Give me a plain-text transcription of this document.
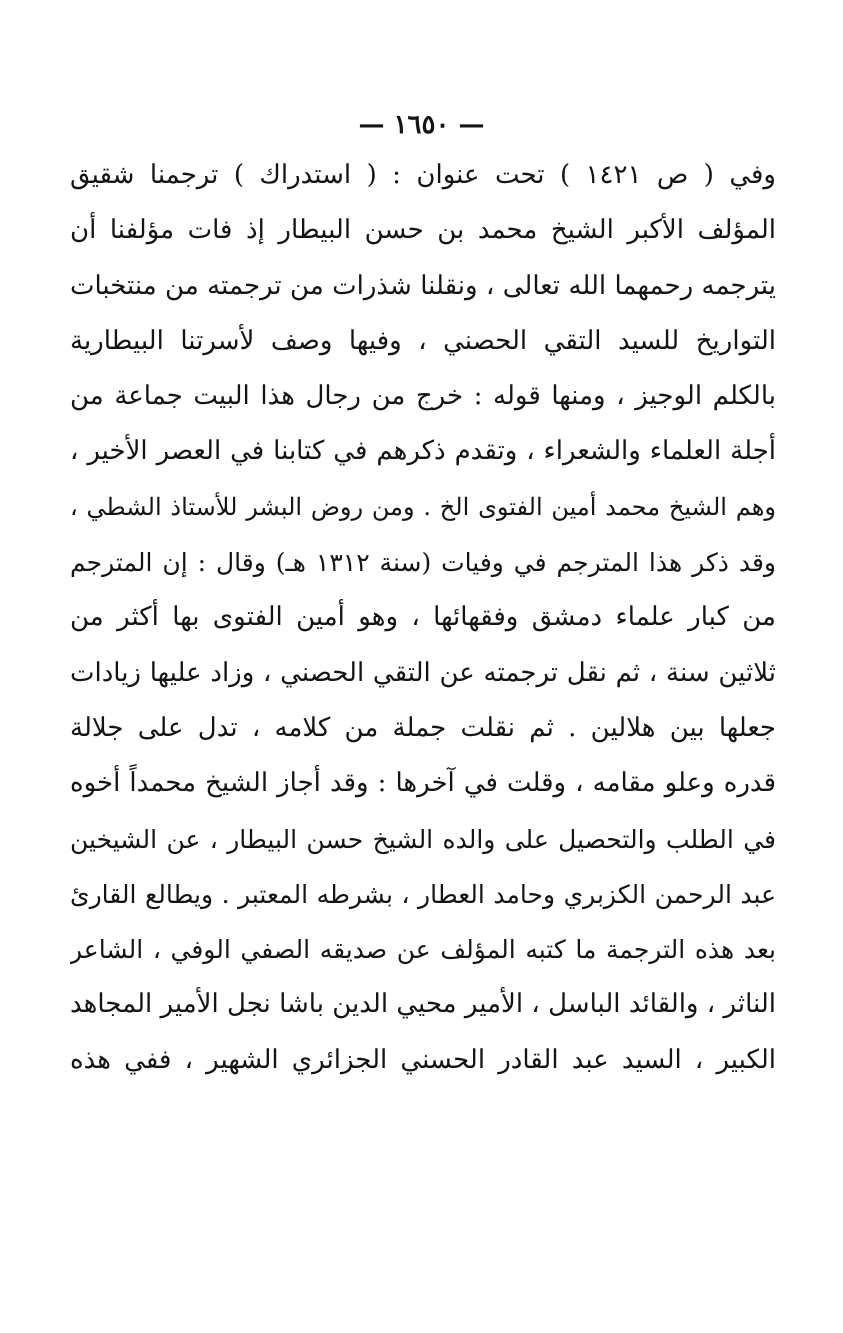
— ١٦٥٠ —
وفي ( ص ١٤٢١ ) تحت عنوان : ( استدراك ) ترجمنا شقيق
المؤلف الأكبر الشيخ محمد بن حسن البيطار إذ فات مؤلفنا أن
يترجمه رحمهما الله تعالى ، ونقلنا شذرات من ترجمته من منتخبات
التواريخ للسيد التقي الحصني ، وفيها وصف لأسرتنا البيطارية
بالكلم الوجيز ، ومنها قوله : خرج من رجال هذا البيت جماعة من
أجلة العلماء والشعراء ، وتقدم ذكرهم في كتابنا في العصر الأخير ،
وهم الشيخ محمد أمين الفتوى الخ . ومن روض البشر للأستاذ الشطي ،
وقد ذكر هذا المترجم في وفيات (سنة ١٣١٢ هـ) وقال : إن المترجم
من كبار علماء دمشق وفقهائها ، وهو أمين الفتوى بها أكثر من
ثلاثين سنة ، ثم نقل ترجمته عن التقي الحصني ، وزاد عليها زيادات
جعلها بين هلالين . ثم نقلت جملة من كلامه ، تدل على جلالة
قدره وعلو مقامه ، وقلت في آخرها : وقد أجاز الشيخ محمداً أخوه
في الطلب والتحصيل على والده الشيخ حسن البيطار ، عن الشيخين
عبد الرحمن الكزبري وحامد العطار ، بشرطه المعتبر . ويطالع القارئ
بعد هذه الترجمة ما كتبه المؤلف عن صديقه الصفي الوفي ، الشاعر
الناثر ، والقائد الباسل ، الأمير محيي الدين باشا نجل الأمير المجاهد
الكبير ، السيد عبد القادر الحسني الجزائري الشهير ، ففي هذه
